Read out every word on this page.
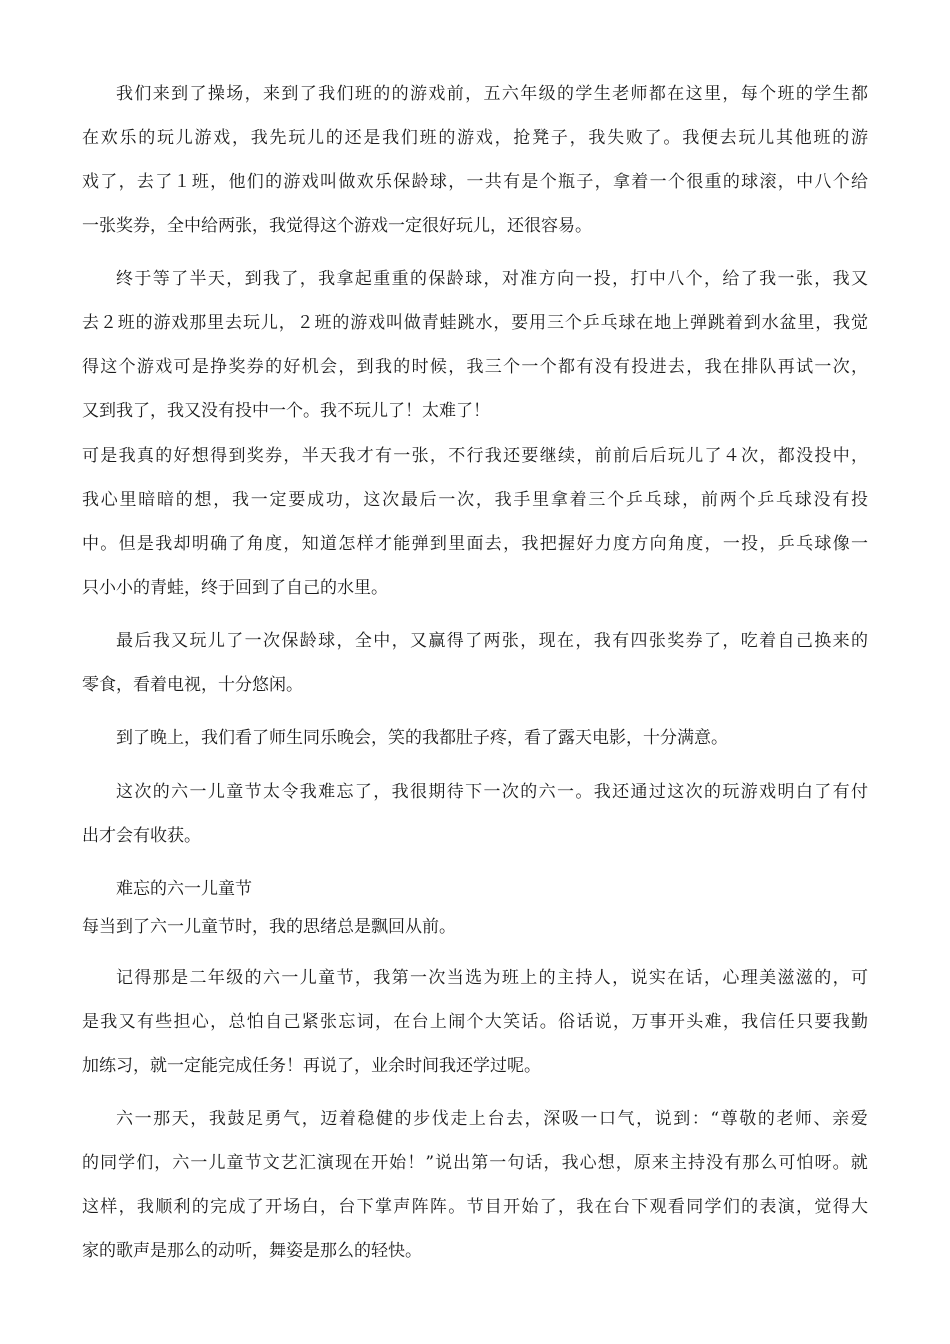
我们来到了操场，来到了我们班的的游戏前，五六年级的学生老师都在这里，每个班的学生都

在欢乐的玩儿游戏，我先玩儿的还是我们班的游戏，抢凳子，我失败了。我便去玩儿其他班的游

戏了，去了１班，他们的游戏叫做欢乐保龄球，一共有是个瓶子，拿着一个很重的球滚，中八个给

一张奖券，全中给两张，我觉得这个游戏一定很好玩儿，还很容易。

终于等了半天，到我了，我拿起重重的保龄球，对准方向一投，打中八个，给了我一张，我又

去２班的游戏那里去玩儿，２班的游戏叫做青蛙跳水，要用三个乒乓球在地上弹跳着到水盆里，我觉

得这个游戏可是挣奖券的好机会，到我的时候，我三个一个都有没有投进去，我在排队再试一次，

又到我了，我又没有投中一个。我不玩儿了！太难了！

可是我真的好想得到奖券，半天我才有一张，不行我还要继续，前前后后玩儿了４次，都没投中，

我心里暗暗的想，我一定要成功，这次最后一次，我手里拿着三个乒乓球，前两个乒乓球没有投

中。但是我却明确了角度，知道怎样才能弹到里面去，我把握好力度方向角度，一投，乒乓球像一

只小小的青蛙，终于回到了自己的水里。

最后我又玩儿了一次保龄球，全中，又赢得了两张，现在，我有四张奖券了，吃着自己换来的

零食，看着电视，十分悠闲。

到了晚上，我们看了师生同乐晚会，笑的我都肚子疼，看了露天电影，十分满意。

这次的六一儿童节太令我难忘了，我很期待下一次的六一。我还通过这次的玩游戏明白了有付

出才会有收获。

难忘的六一儿童节

每当到了六一儿童节时，我的思绪总是飘回从前。

记得那是二年级的六一儿童节，我第一次当选为班上的主持人，说实在话，心理美滋滋的，可

是我又有些担心，总怕自己紧张忘词，在台上闹个大笑话。俗话说，万事开头难，我信任只要我勤

加练习，就一定能完成任务！再说了，业余时间我还学过呢。

六一那天，我鼓足勇气，迈着稳健的步伐走上台去，深吸一口气，说到：“尊敬的老师、亲爱

的同学们，六一儿童节文艺汇演现在开始！”说出第一句话，我心想，原来主持没有那么可怕呀。就

这样，我顺利的完成了开场白，台下掌声阵阵。节目开始了，我在台下观看同学们的表演，觉得大

家的歌声是那么的动听，舞姿是那么的轻快。
